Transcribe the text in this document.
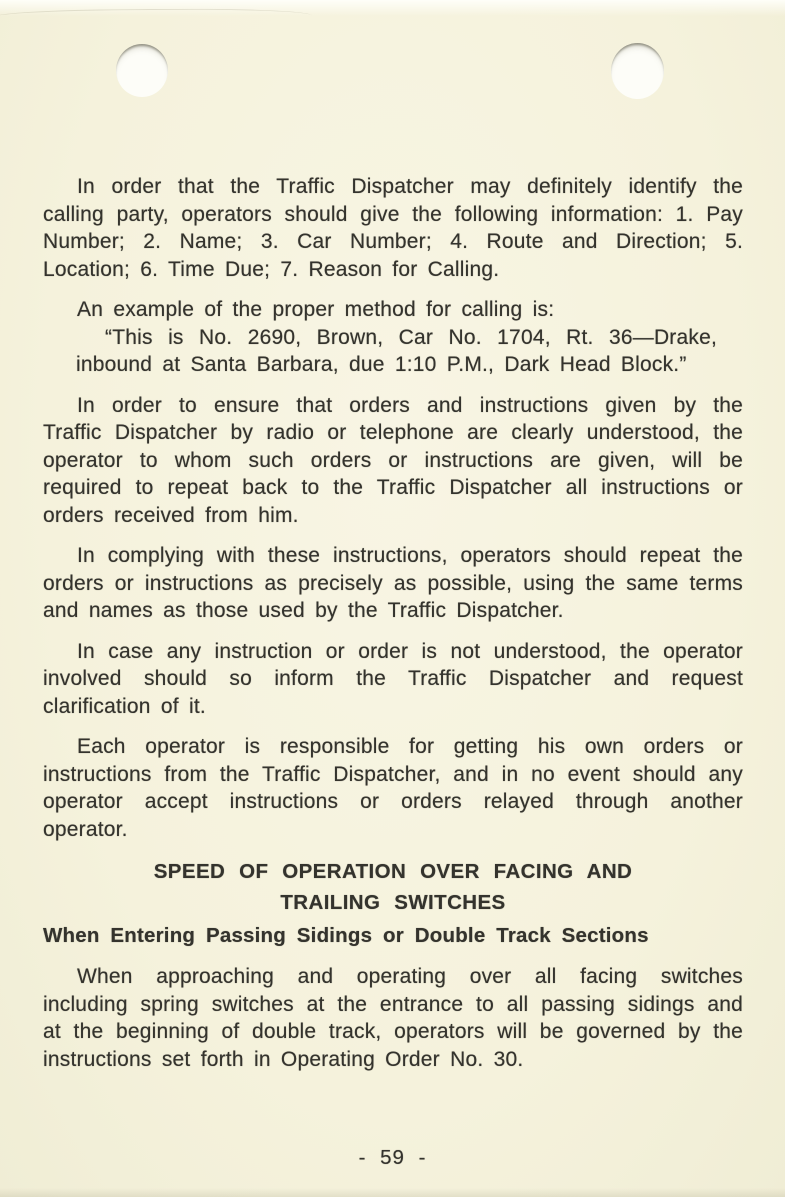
In order that the Traffic Dispatcher may definitely identify the calling party, operators should give the following information: 1. Pay Number; 2. Name; 3. Car Number; 4. Route and Direction; 5. Location; 6. Time Due; 7. Reason for Calling.

An example of the proper method for calling is:

“This is No. 2690, Brown, Car No. 1704, Rt. 36—Drake, inbound at Santa Barbara, due 1:10 P.M., Dark Head Block.”

In order to ensure that orders and instructions given by the Traffic Dispatcher by radio or telephone are clearly understood, the operator to whom such orders or instructions are given, will be required to repeat back to the Traffic Dispatcher all instructions or orders received from him.

In complying with these instructions, operators should repeat the orders or instructions as precisely as possible, using the same terms and names as those used by the Traffic Dispatcher.

In case any instruction or order is not understood, the operator involved should so inform the Traffic Dispatcher and request clarification of it.

Each operator is responsible for getting his own orders or instructions from the Traffic Dispatcher, and in no event should any operator accept instructions or orders relayed through another operator.

SPEED OF OPERATION OVER FACING AND
TRAILING SWITCHES
When Entering Passing Sidings or Double Track Sections

When approaching and operating over all facing switches including spring switches at the entrance to all passing sidings and at the beginning of double track, operators will be governed by the instructions set forth in Operating Order No. 30.

- 59 -
